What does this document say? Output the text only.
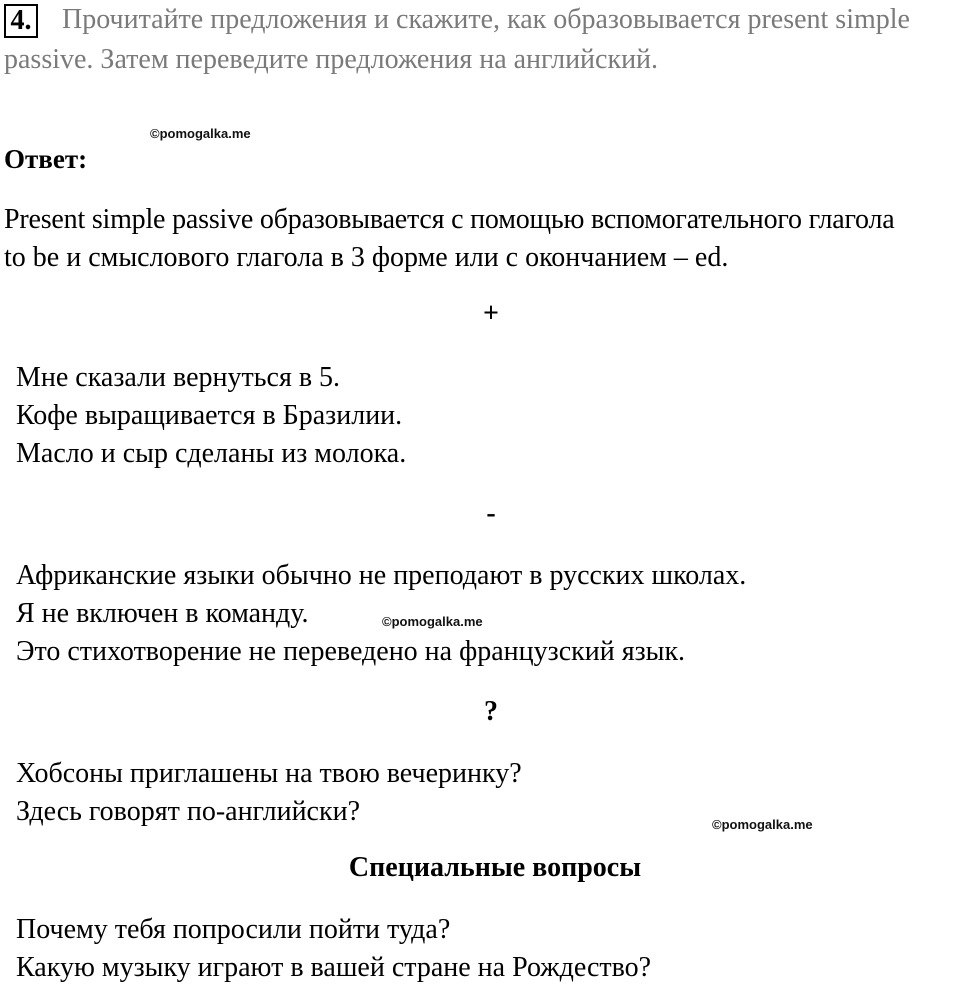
4. Прочитайте предложения и скажите, как образовывается present simple
passive. Затем переведите предложения на английский.
©pomogalka.me
Ответ:
Present simple passive образовывается с помощью вспомогательного глагола
to be и смыслового глагола в 3 форме или с окончанием – ed.
+
Мне сказали вернуться в 5.
Кофе выращивается в Бразилии.
Масло и сыр сделаны из молока.
-
Африканские языки обычно не преподают в русских школах.
Я не включен в команду.	©pomogalka.me
Это стихотворение не переведено на французский язык.
?
Хобсоны приглашены на твою вечеринку?
Здесь говорят по-английски?	©pomogalka.me
Специальные вопросы
Почему тебя попросили пойти туда?
Какую музыку играют в вашей стране на Рождество?
